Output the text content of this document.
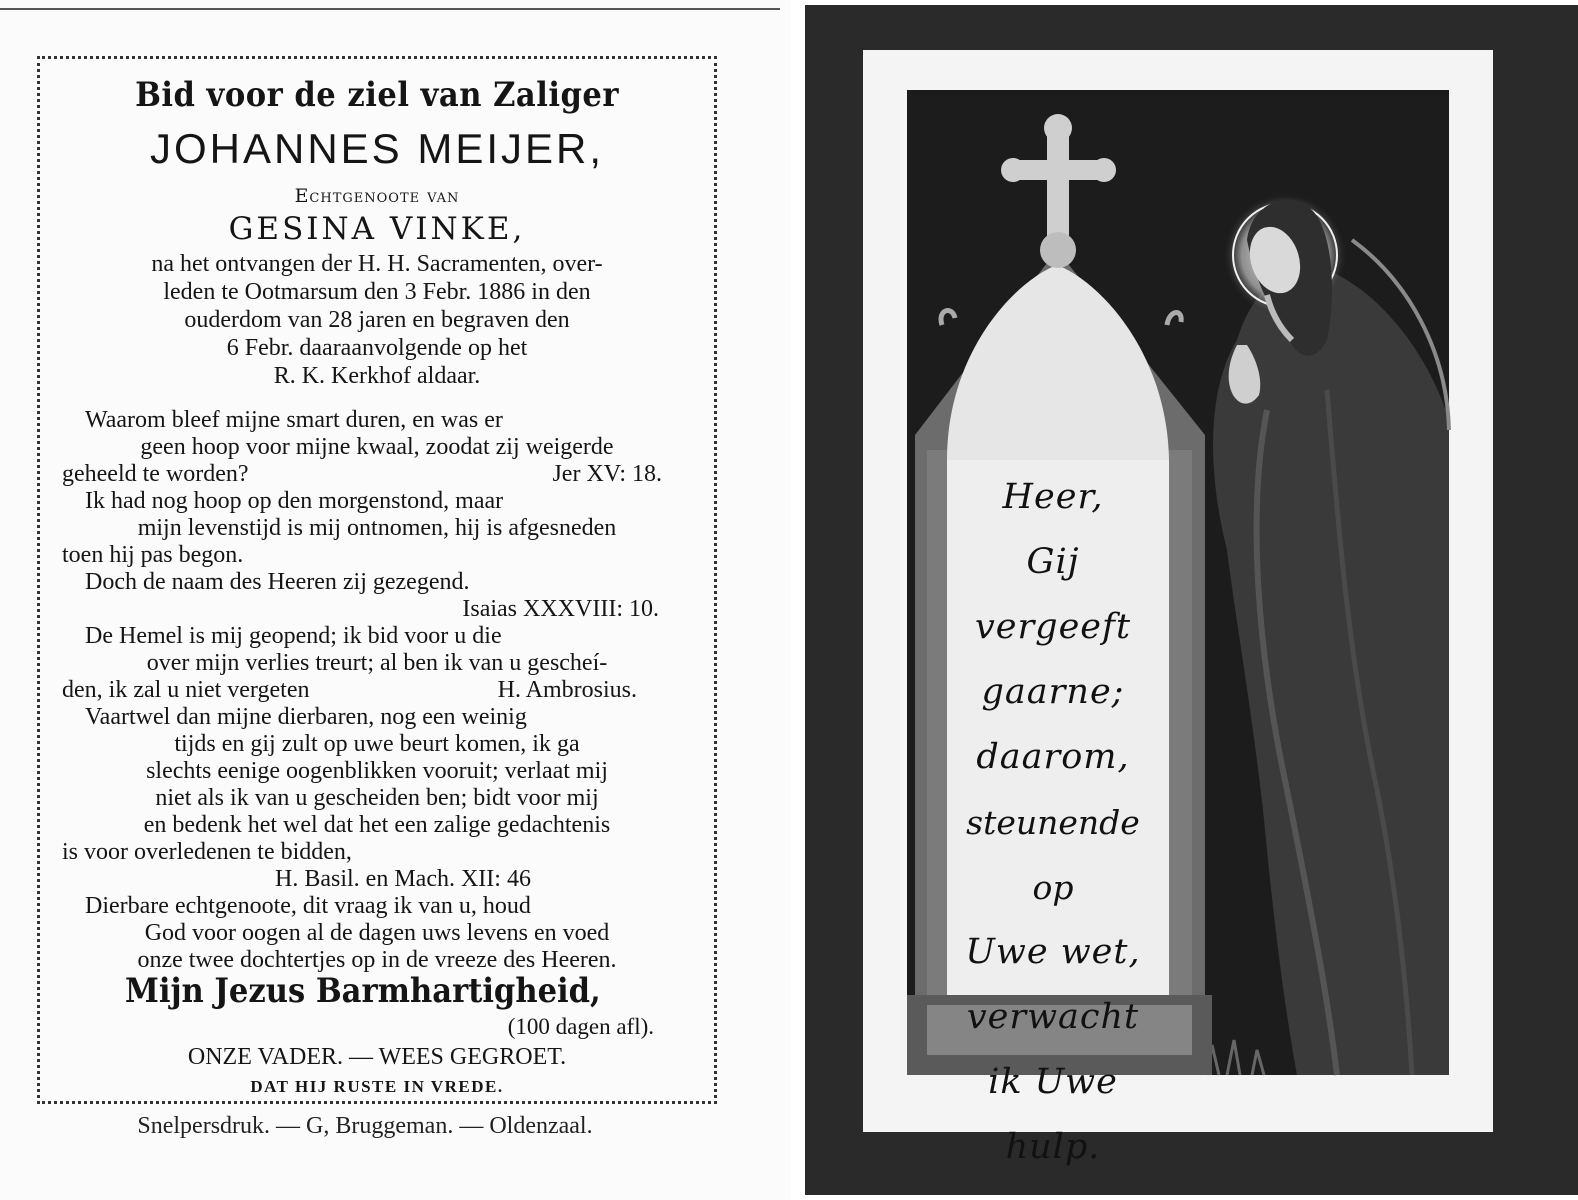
Bid voor de ziel van Zaliger
JOHANNES MEIJER,
Echtgenoote van
GESINA VINKE,
na het ontvangen der H. H. Sacramenten, over-
leden te Ootmarsum den 3 Febr. 1886 in den
ouderdom van 28 jaren en begraven den
6 Febr. daaraanvolgende op het
R. K. Kerkhof aldaar.
Waarom bleef mijne smart duren, en was er
geen hoop voor mijne kwaal, zoodat zij weigerde
geheeld te worden?	Jer XV: 18.
Ik had nog hoop op den morgenstond, maar
mijn levenstijd is mij ontnomen, hij is afgesneden
toen hij pas begon.
Doch de naam des Heeren zij gezegend.
Isaias XXXVIII: 10.
De Hemel is mij geopend; ik bid voor u die
over mijn verlies treurt; al ben ik van u gescheí-
den, ik zal u niet vergeten	H. Ambrosius.
Vaartwel dan mijne dierbaren, nog een weinig
tijds en gij zult op uwe beurt komen, ik ga
slechts eenige oogenblikken vooruit; verlaat mij
niet als ik van u gescheiden ben; bidt voor mij
en bedenk het wel dat het een zalige gedachtenis
is voor overledenen te bidden,
H. Basil. en Mach. XII: 46
Dierbare echtgenoote, dit vraag ik van u, houd
God voor oogen al de dagen uws levens en voed
onze twee dochtertjes op in de vreeze des Heeren.
Mijn Jezus Barmhartigheid,
(100 dagen afl).
ONZE VADER. — WEES GEGROET.
DAT HIJ RUSTE IN VREDE.
Snelpersdruk. — G, Bruggeman. — Oldenzaal.
Heer,
Gij vergeeft
gaarne;
daarom,
steunende op
Uwe wet,
verwacht
ik Uwe
hulp.
